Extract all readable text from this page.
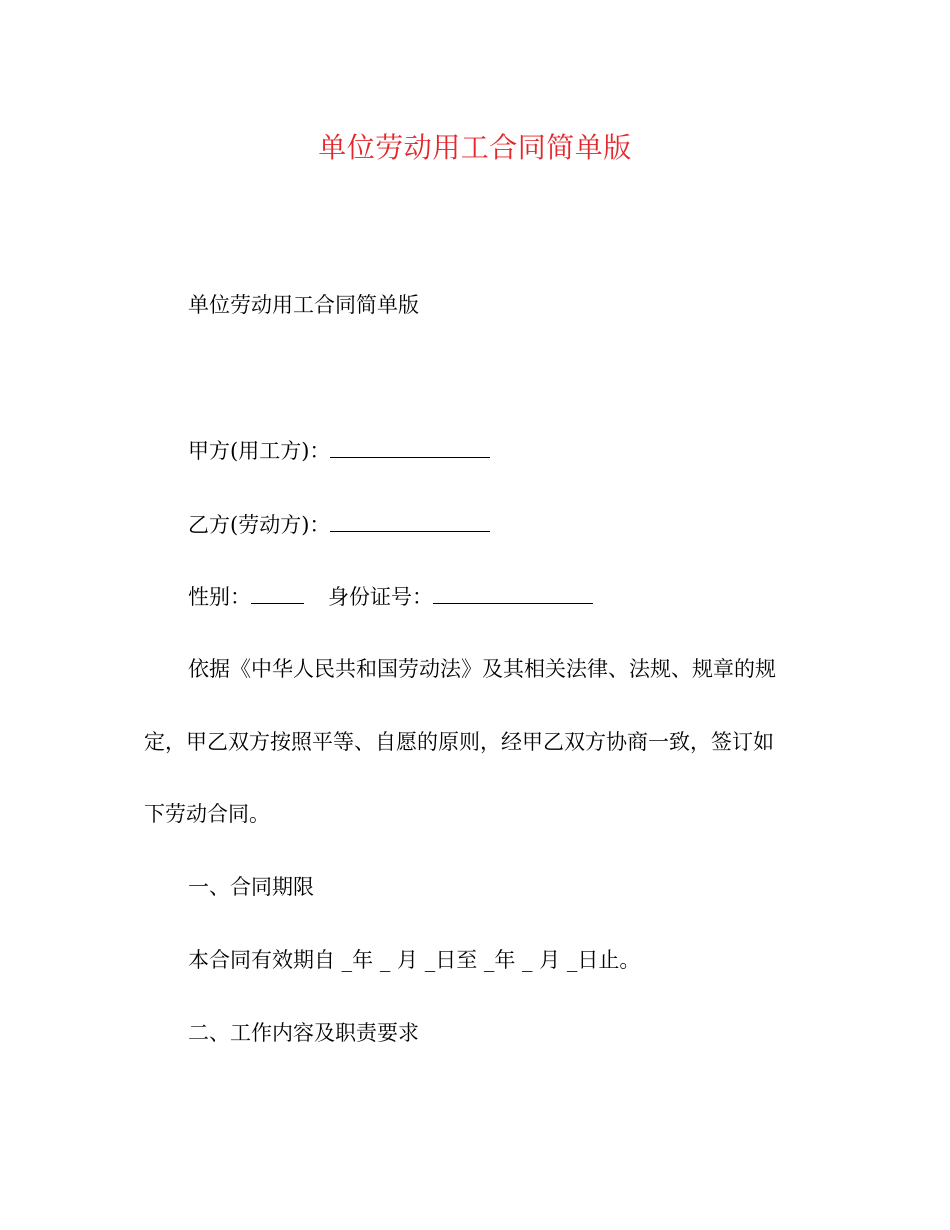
单位劳动用工合同简单版
单位劳动用工合同简单版
甲方(用工方)：
乙方(劳动方)：
性别：	身份证号：
依据《中华人民共和国劳动法》及其相关法律、法规、规章的规
定，甲乙双方按照平等、自愿的原则，经甲乙双方协商一致，签订如
下劳动合同。
一、合同期限
本合同有效期自 _年 _ 月 _日至 _年 _ 月 _日止。
二、工作内容及职责要求
